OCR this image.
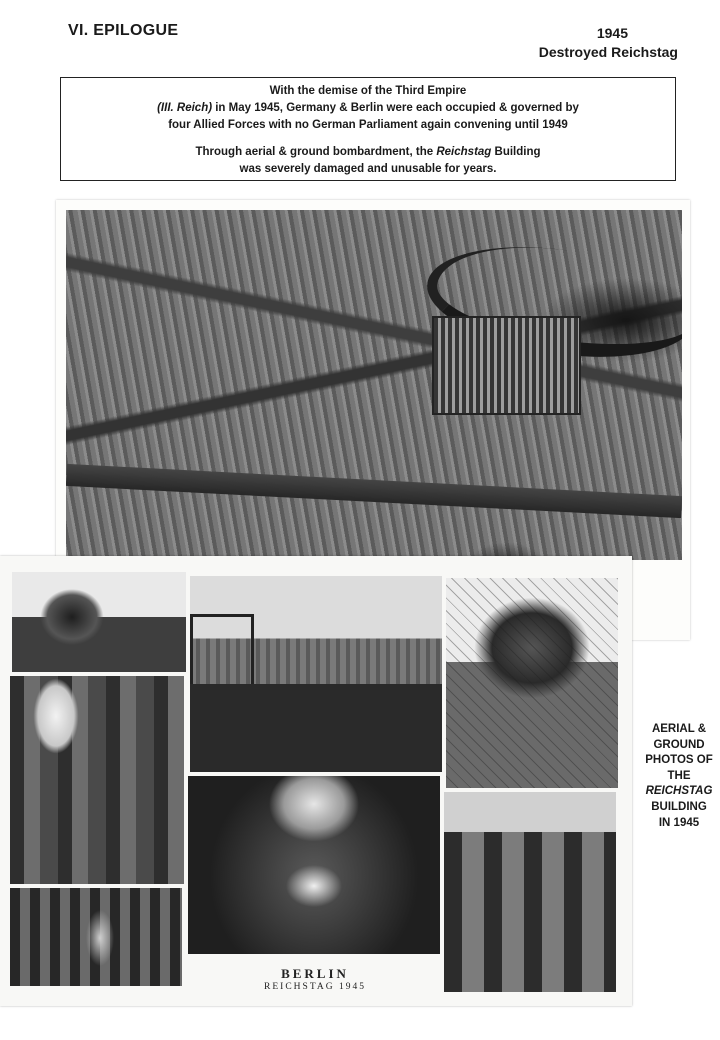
VI. EPILOGUE	1945
Destroyed Reichstag

With the demise of the Third Empire

(III. Reich) in May 1945, Germany & Berlin were each occupied & governed by

four Allied Forces with no German Parliament again convening until 1949

Through aerial & ground bombardment, the Reichstag Building

was severely damaged and unusable for years.

BERLIN
REICHSTAG 1945
AERIAL &
GROUND
PHOTOS OF
THE
REICHSTAG
BUILDING
IN 1945
